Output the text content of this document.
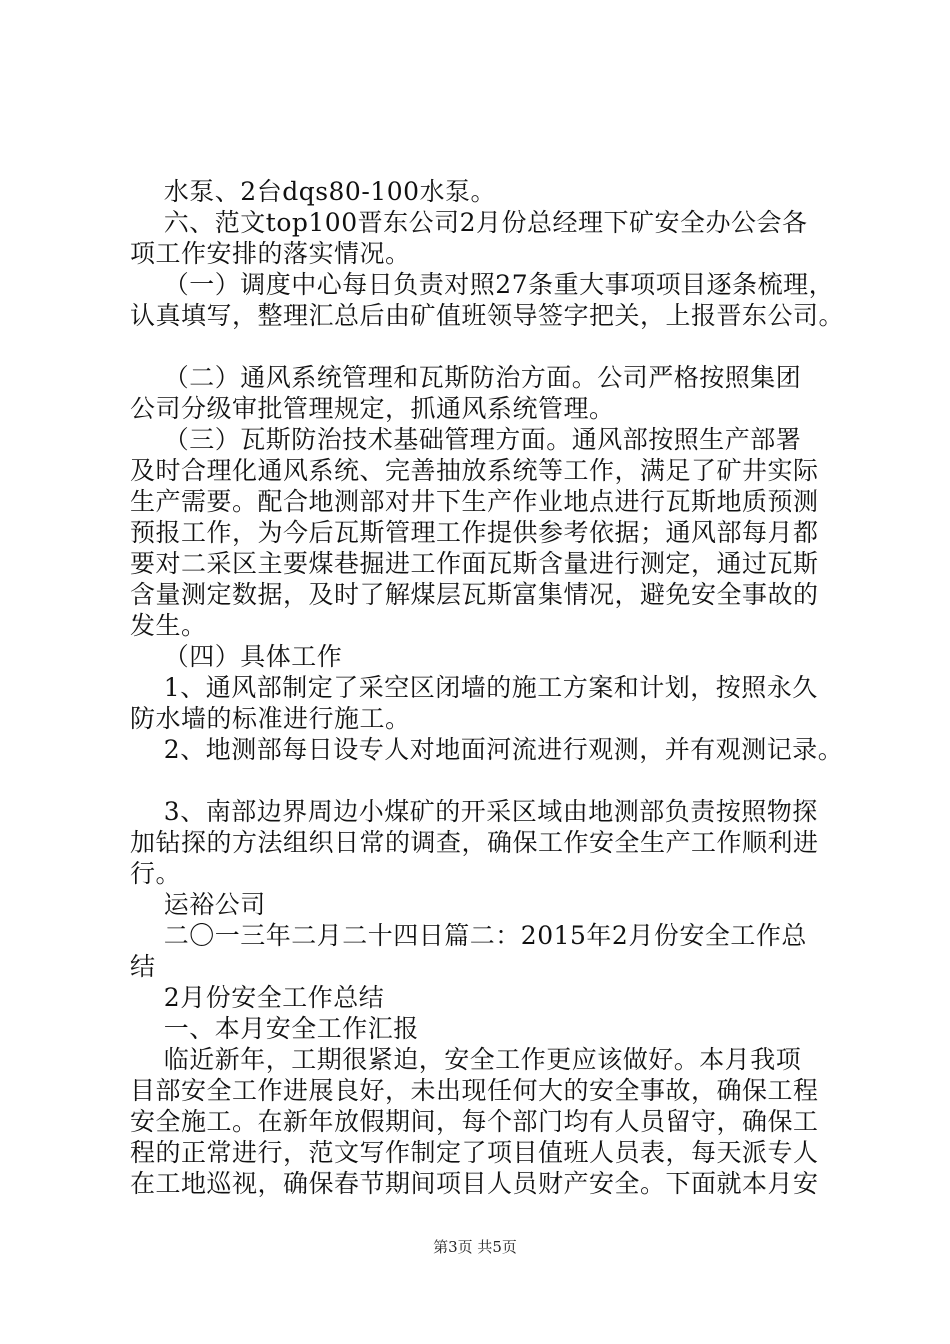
水泵、2台dqs80-100水泵。
六、范文top100晋东公司2月份总经理下矿安全办公会各
项工作安排的落实情况。
（一）调度中心每日负责对照27条重大事项项目逐条梳理，
认真填写，整理汇总后由矿值班领导签字把关，上报晋东公司。
（二）通风系统管理和瓦斯防治方面。公司严格按照集团
公司分级审批管理规定，抓通风系统管理。
（三）瓦斯防治技术基础管理方面。通风部按照生产部署
及时合理化通风系统、完善抽放系统等工作，满足了矿井实际
生产需要。配合地测部对井下生产作业地点进行瓦斯地质预测
预报工作，为今后瓦斯管理工作提供参考依据；通风部每月都
要对二采区主要煤巷掘进工作面瓦斯含量进行测定，通过瓦斯
含量测定数据，及时了解煤层瓦斯富集情况，避免安全事故的
发生。
（四）具体工作
1、通风部制定了采空区闭墙的施工方案和计划，按照永久
防水墙的标准进行施工。
2、地测部每日设专人对地面河流进行观测，并有观测记录。
3、南部边界周边小煤矿的开采区域由地测部负责按照物探
加钻探的方法组织日常的调查，确保工作安全生产工作顺利进
行。
运裕公司
二〇一三年二月二十四日篇二：2015年2月份安全工作总
结
2月份安全工作总结
一、本月安全工作汇报
临近新年，工期很紧迫，安全工作更应该做好。本月我项
目部安全工作进展良好，未出现任何大的安全事故，确保工程
安全施工。在新年放假期间，每个部门均有人员留守，确保工
程的正常进行，范文写作制定了项目值班人员表，每天派专人
在工地巡视，确保春节期间项目人员财产安全。下面就本月安
第3页 共5页
